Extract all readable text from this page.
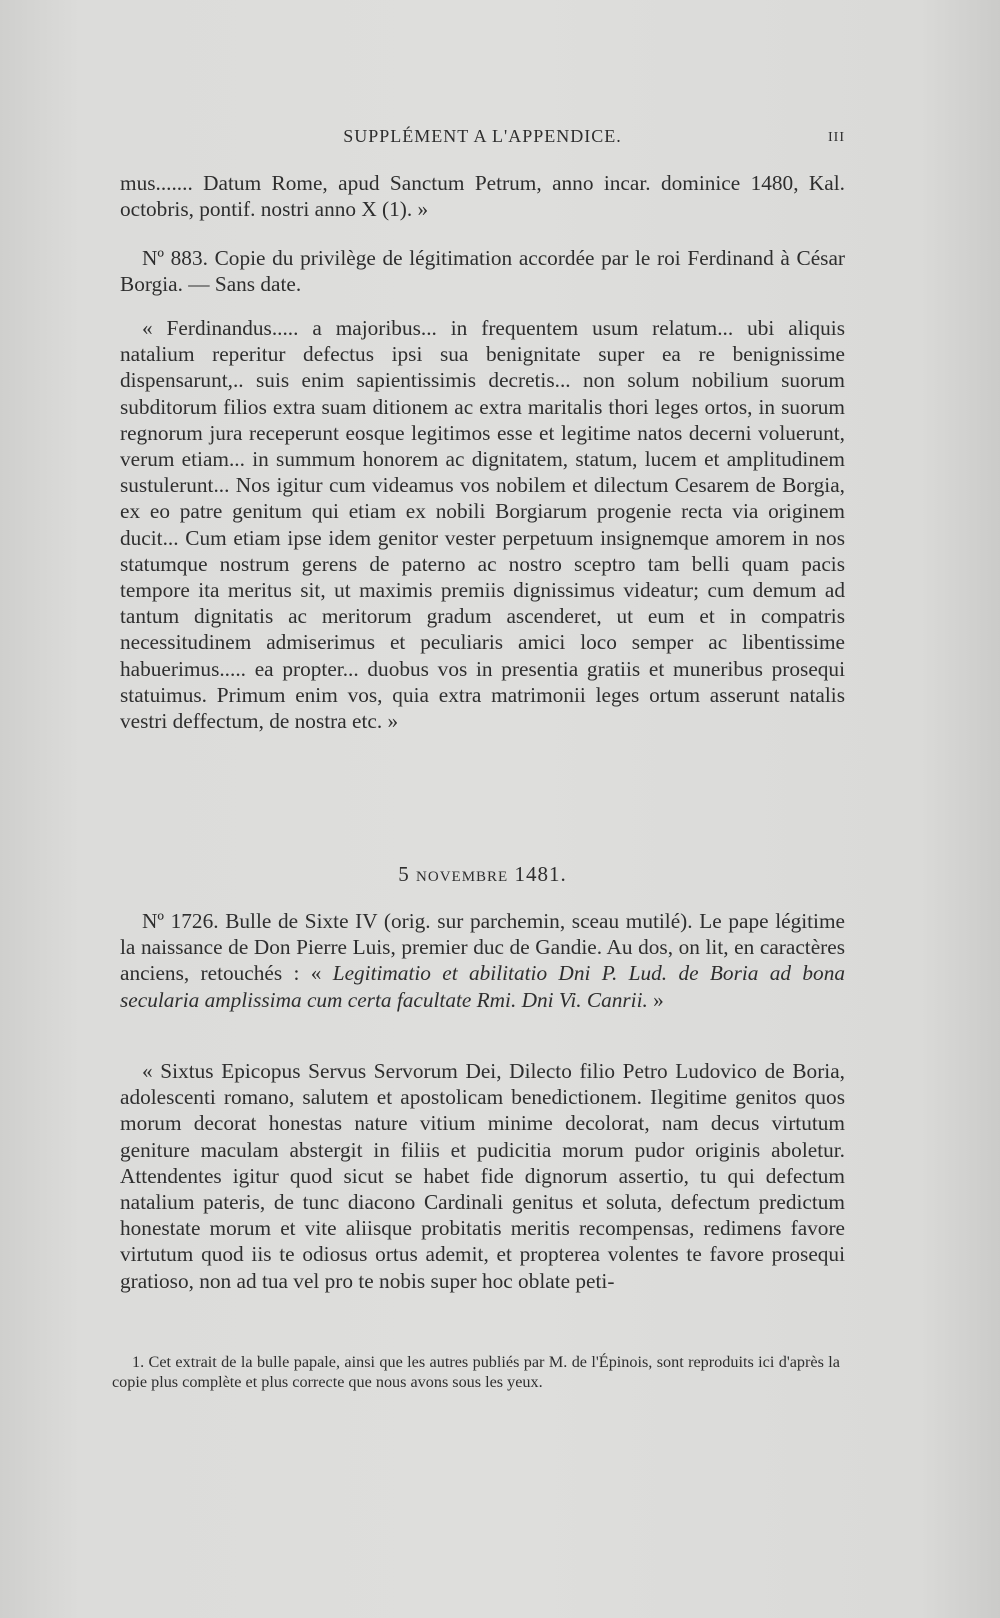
SUPPLÉMENT A L'APPENDICE.	III

mus....... Datum Rome, apud Sanctum Petrum, anno incar. dominice 1480, Kal. octobris, pontif. nostri anno X (1). »

Nº 883. Copie du privilège de légitimation accordée par le roi Ferdinand à César Borgia. — Sans date.

« Ferdinandus..... a majoribus... in frequentem usum relatum... ubi aliquis natalium reperitur defectus ipsi sua benignitate super ea re benignissime dispensarunt,.. suis enim sapientissimis decretis... non solum nobilium suorum subditorum filios extra suam ditionem ac extra maritalis thori leges ortos, in suorum regnorum jura receperunt eosque legitimos esse et legitime natos decerni voluerunt, verum etiam... in summum honorem ac dignitatem, statum, lucem et amplitudinem sustulerunt... Nos igitur cum videamus vos nobilem et dilectum Cesarem de Borgia, ex eo patre genitum qui etiam ex nobili Borgiarum progenie recta via originem ducit... Cum etiam ipse idem genitor vester perpetuum insignemque amorem in nos statumque nostrum gerens de paterno ac nostro sceptro tam belli quam pacis tempore ita meritus sit, ut maximis premiis dignissimus videatur; cum demum ad tantum dignitatis ac meritorum gradum ascenderet, ut eum et in compatris necessitudinem admiserimus et peculiaris amici loco semper ac libentissime habuerimus..... ea propter... duobus vos in presentia gratiis et muneribus prosequi statuimus. Primum enim vos, quia extra matrimonii leges ortum asserunt natalis vestri deffectum, de nostra etc. »

5 NOVEMBRE 1481.

Nº 1726. Bulle de Sixte IV (orig. sur parchemin, sceau mutilé). Le pape légitime la naissance de Don Pierre Luis, premier duc de Gandie. Au dos, on lit, en caractères anciens, retouchés : « Legitimatio et abilitatio Dni P. Lud. de Boria ad bona secularia amplissima cum certa facultate Rmi. Dni Vi. Canrii. »

« Sixtus Epicopus Servus Servorum Dei, Dilecto filio Petro Ludovico de Boria, adolescenti romano, salutem et apostolicam benedictionem. Ilegitime genitos quos morum decorat honestas nature vitium minime decolorat, nam decus virtutum geniture maculam abstergit in filiis et pudicitia morum pudor originis aboletur. Attendentes igitur quod sicut se habet fide dignorum assertio, tu qui defectum natalium pateris, de tunc diacono Cardinali genitus et soluta, defectum predictum honestate morum et vite aliisque probitatis meritis recompensas, redimens favore virtutum quod iis te odiosus ortus ademit, et propterea volentes te favore prosequi gratioso, non ad tua vel pro te nobis super hoc oblate peti-

1. Cet extrait de la bulle papale, ainsi que les autres publiés par M. de l'Épinois, sont reproduits ici d'après la copie plus complète et plus correcte que nous avons sous les yeux.
